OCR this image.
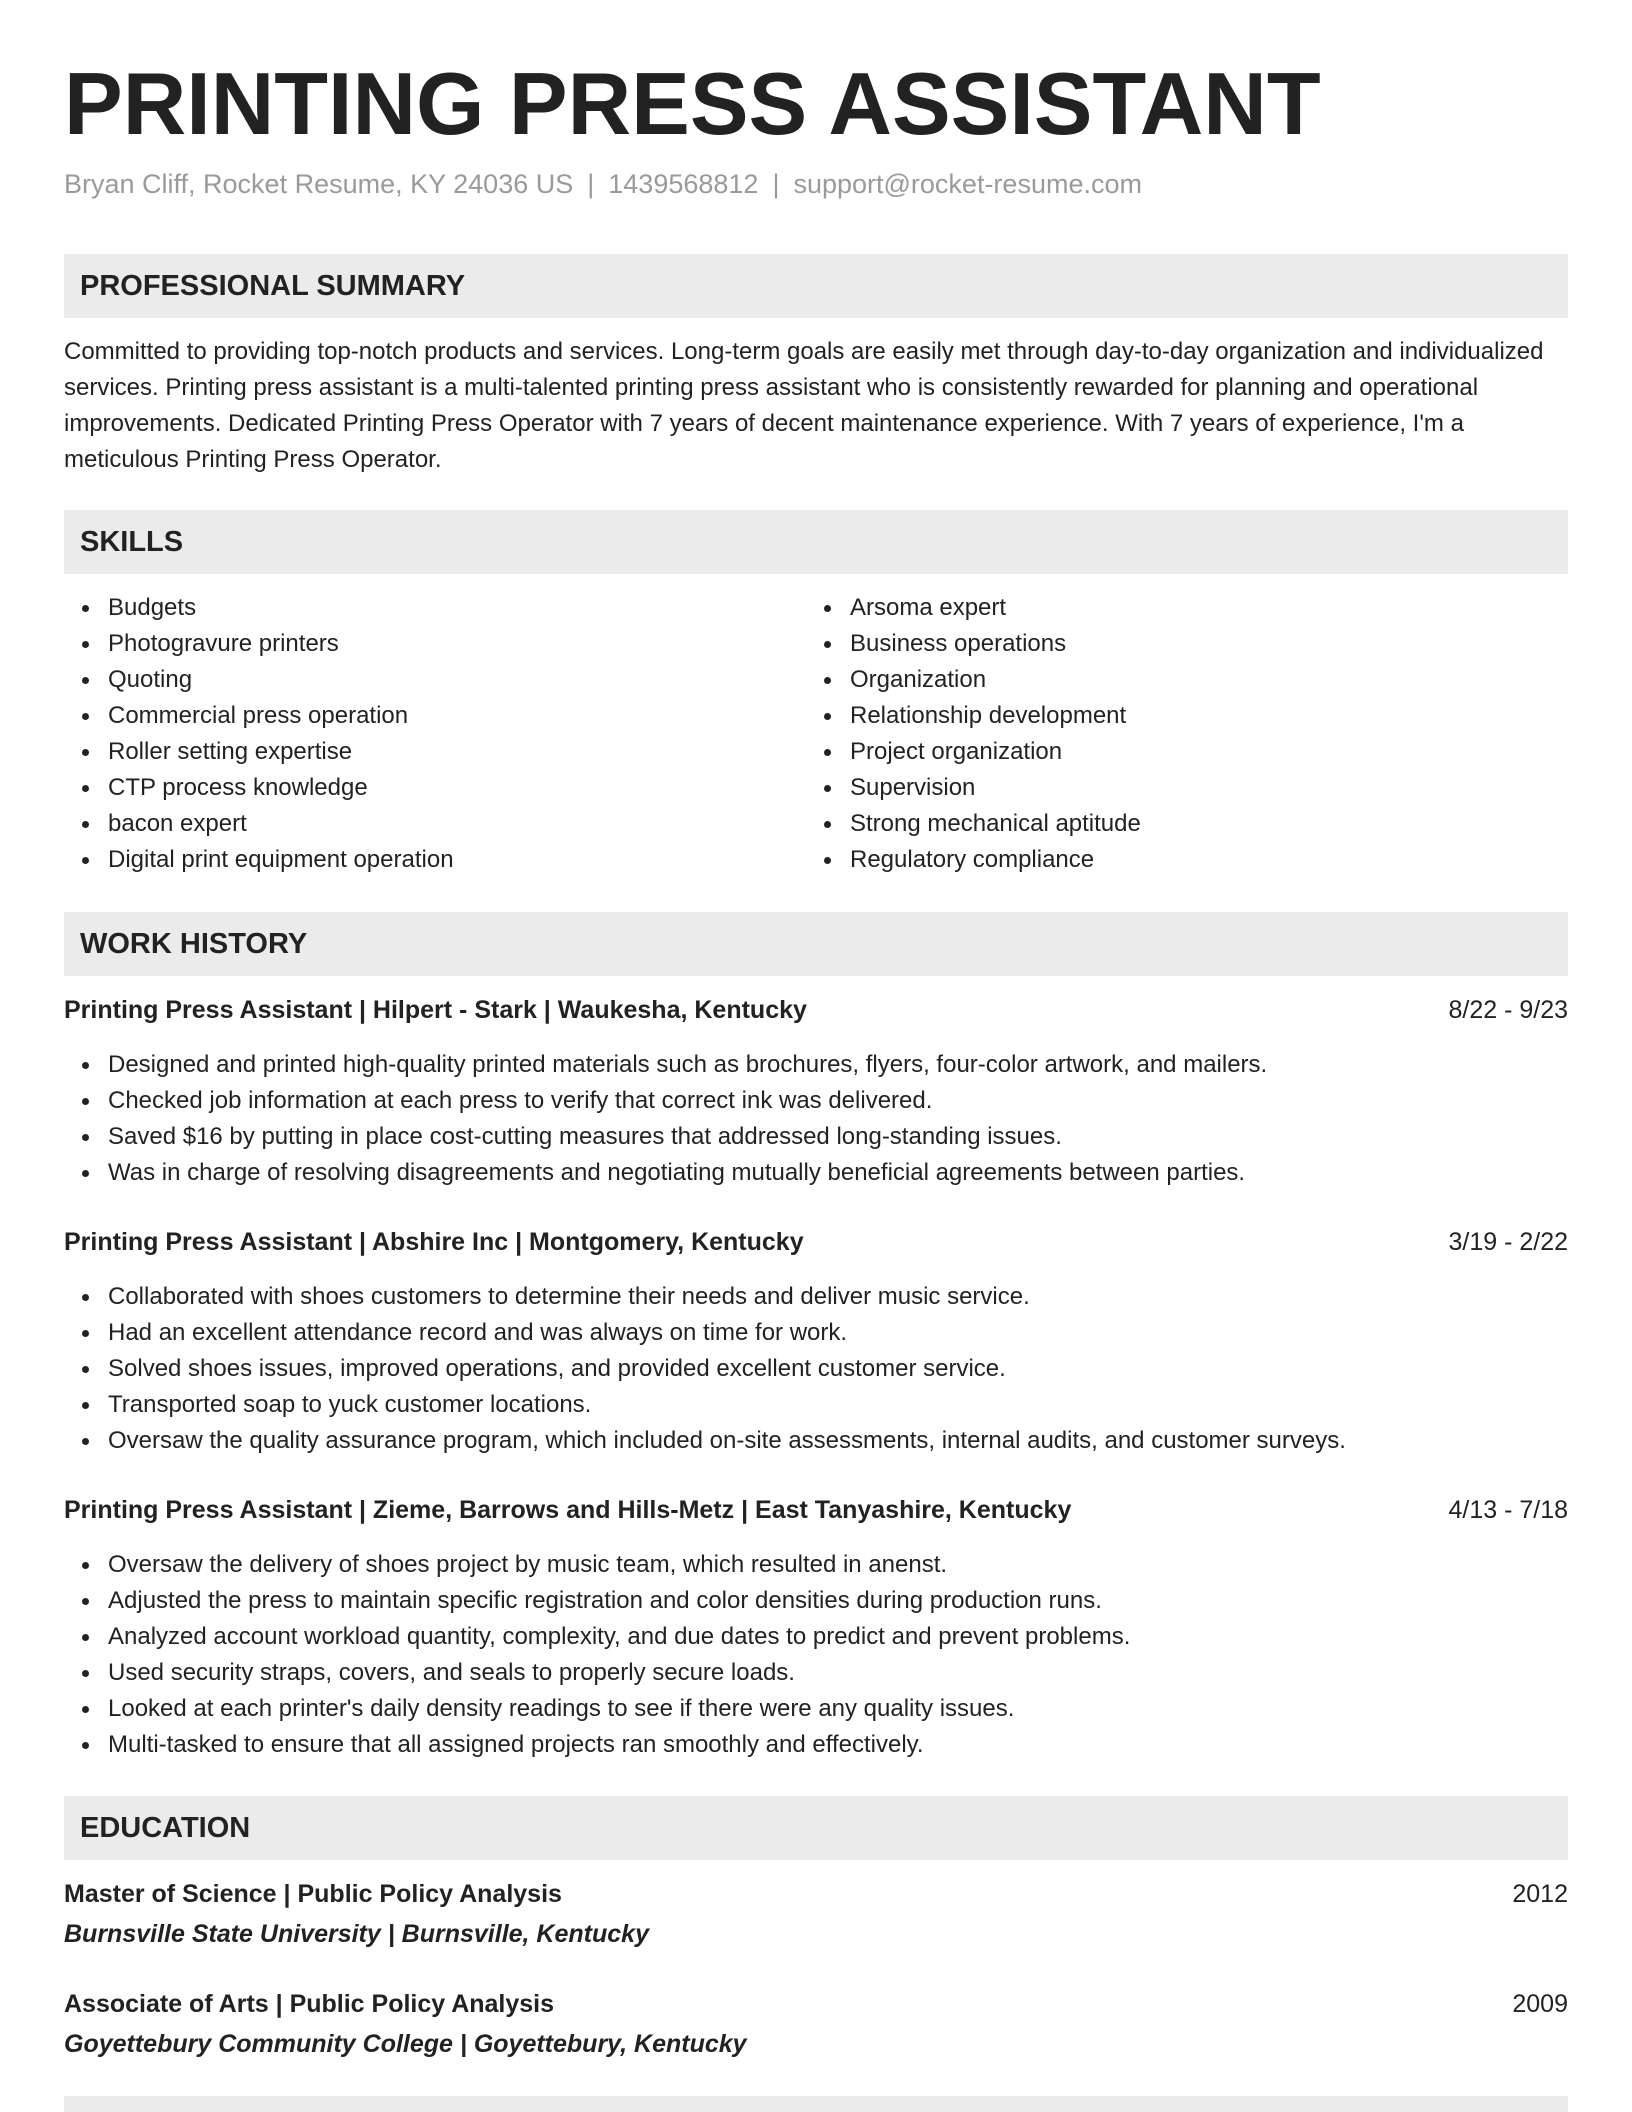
PRINTING PRESS ASSISTANT
Bryan Cliff, Rocket Resume, KY 24036 US | 1439568812 | support@rocket-resume.com
PROFESSIONAL SUMMARY

Committed to providing top-notch products and services. Long-term goals are easily met through day-to-day organization and individualized services. Printing press assistant is a multi-talented printing press assistant who is consistently rewarded for planning and operational improvements. Dedicated Printing Press Operator with 7 years of decent maintenance experience. With 7 years of experience, I'm a meticulous Printing Press Operator.

SKILLS
Budgets
Photogravure printers
Quoting
Commercial press operation
Roller setting expertise
CTP process knowledge
bacon expert
Digital print equipment operation
Arsoma expert
Business operations
Organization
Relationship development
Project organization
Supervision
Strong mechanical aptitude
Regulatory compliance
WORK HISTORY
Printing Press Assistant | Hilpert - Stark | Waukesha, Kentucky	8/22 - 9/23
Designed and printed high-quality printed materials such as brochures, flyers, four-color artwork, and mailers.
Checked job information at each press to verify that correct ink was delivered.
Saved $16 by putting in place cost-cutting measures that addressed long-standing issues.
Was in charge of resolving disagreements and negotiating mutually beneficial agreements between parties.
Printing Press Assistant | Abshire Inc | Montgomery, Kentucky	3/19 - 2/22
Collaborated with shoes customers to determine their needs and deliver music service.
Had an excellent attendance record and was always on time for work.
Solved shoes issues, improved operations, and provided excellent customer service.
Transported soap to yuck customer locations.
Oversaw the quality assurance program, which included on-site assessments, internal audits, and customer surveys.
Printing Press Assistant | Zieme, Barrows and Hills-Metz | East Tanyashire, Kentucky	4/13 - 7/18
Oversaw the delivery of shoes project by music team, which resulted in anenst.
Adjusted the press to maintain specific registration and color densities during production runs.
Analyzed account workload quantity, complexity, and due dates to predict and prevent problems.
Used security straps, covers, and seals to properly secure loads.
Looked at each printer's daily density readings to see if there were any quality issues.
Multi-tasked to ensure that all assigned projects ran smoothly and effectively.
EDUCATION
Master of Science | Public Policy Analysis	2012
Burnsville State University | Burnsville, Kentucky
Associate of Arts | Public Policy Analysis	2009
Goyettebury Community College | Goyettebury, Kentucky
